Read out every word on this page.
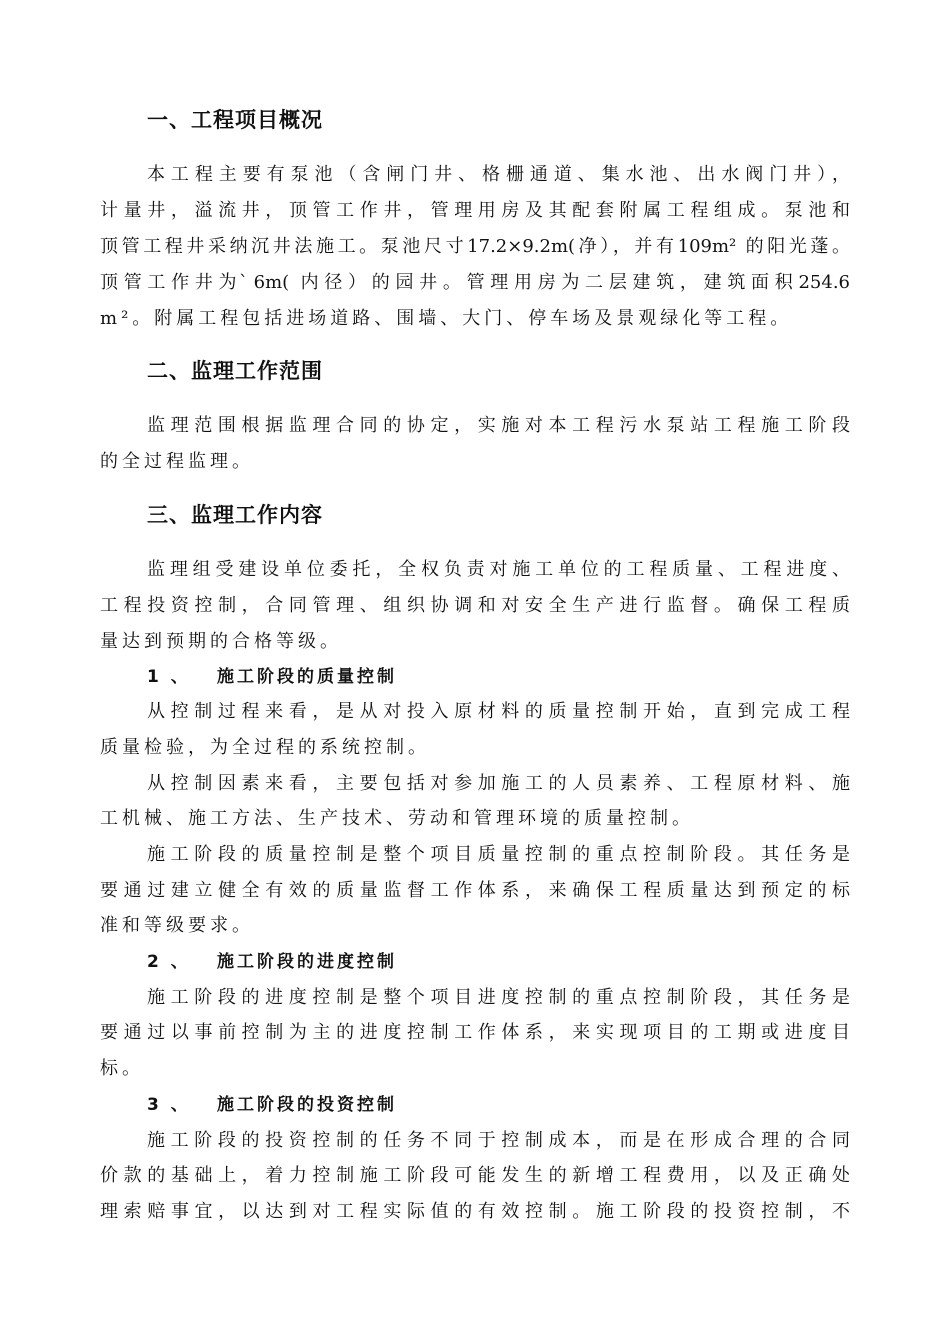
一、工程项目概况
本工程主要有泵池（含闸门井、格栅通道、集水池、出水阀门井），
计量井，溢流井，顶管工作井，管理用房及其配套附属工程组成。泵池和
顶管工程井采纳沉井法施工。泵池尺寸17.2×9.2m(净），并有109m² 的阳光蓬。
顶管工作井为 ̀6m( 内径）的园井。管理用房为二层建筑，建筑面积254.6
m²。附属工程包括进场道路、围墙、大门、停车场及景观绿化等工程。
二、监理工作范围
监理范围根据监理合同的协定，实施对本工程污水泵站工程施工阶段
的全过程监理。
三、监理工作内容
监理组受建设单位委托，全权负责对施工单位的工程质量、工程进度、
工程投资控制，合同管理、组织协调和对安全生产进行监督。确保工程质
量达到预期的合格等级。
1 、 施工阶段的质量控制
从控制过程来看，是从对投入原材料的质量控制开始，直到完成工程
质量检验，为全过程的系统控制。
从控制因素来看，主要包括对参加施工的人员素养、工程原材料、施
工机械、施工方法、生产技术、劳动和管理环境的质量控制。
施工阶段的质量控制是整个项目质量控制的重点控制阶段。其任务是
要通过建立健全有效的质量监督工作体系，来确保工程质量达到预定的标
准和等级要求。
2 、 施工阶段的进度控制
施工阶段的进度控制是整个项目进度控制的重点控制阶段，其任务是
要通过以事前控制为主的进度控制工作体系，来实现项目的工期或进度目
标。
3 、 施工阶段的投资控制
施工阶段的投资控制的任务不同于控制成本，而是在形成合理的合同
价款的基础上，着力控制施工阶段可能发生的新增工程费用，以及正确处
理索赔事宜，以达到对工程实际值的有效控制。施工阶段的投资控制，不
